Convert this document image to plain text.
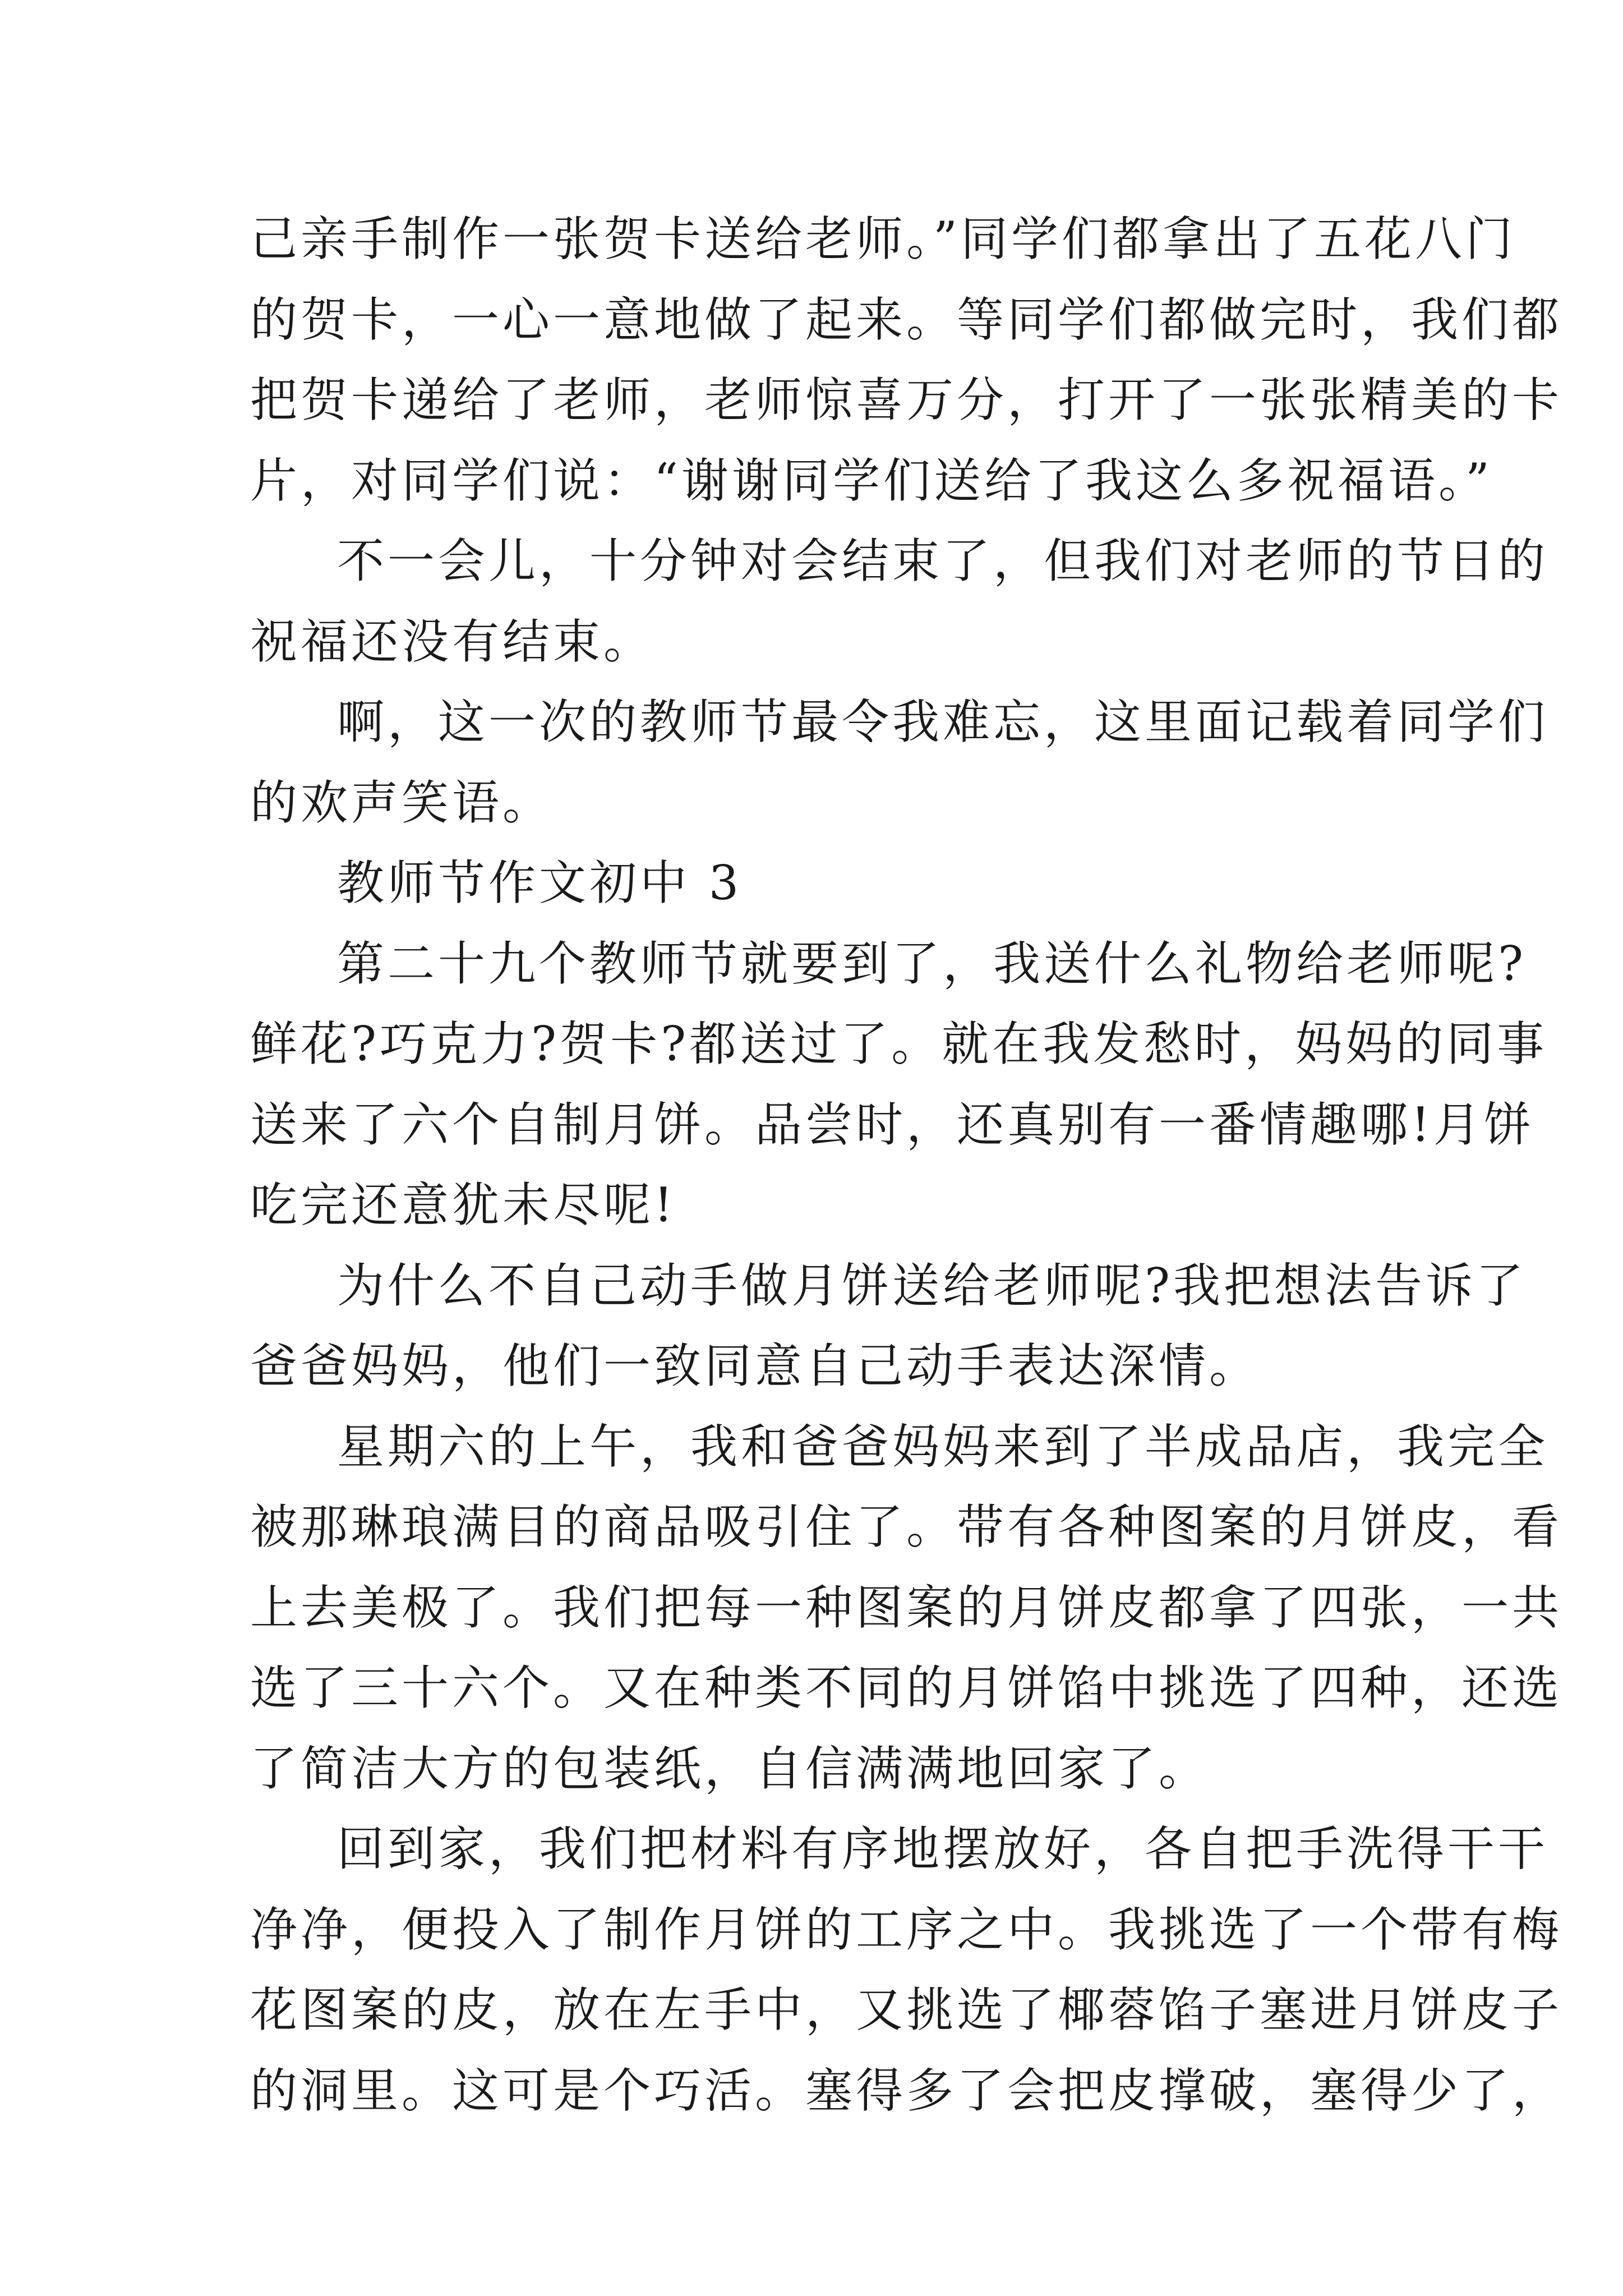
己亲手制作一张贺卡送给老师。”同学们都拿出了五花八门
的贺卡，一心一意地做了起来。等同学们都做完时，我们都
把贺卡递给了老师，老师惊喜万分，打开了一张张精美的卡
片，对同学们说：“谢谢同学们送给了我这么多祝福语。”
不一会儿，十分钟对会结束了，但我们对老师的节日的
祝福还没有结束。
啊，这一次的教师节最令我难忘，这里面记载着同学们
的欢声笑语。
教师节作文初中 3
第二十九个教师节就要到了，我送什么礼物给老师呢?
鲜花?巧克力?贺卡?都送过了。就在我发愁时，妈妈的同事
送来了六个自制月饼。品尝时，还真别有一番情趣哪!月饼
吃完还意犹未尽呢!
为什么不自己动手做月饼送给老师呢?我把想法告诉了
爸爸妈妈，他们一致同意自己动手表达深情。
星期六的上午，我和爸爸妈妈来到了半成品店，我完全
被那琳琅满目的商品吸引住了。带有各种图案的月饼皮，看
上去美极了。我们把每一种图案的月饼皮都拿了四张，一共
选了三十六个。又在种类不同的月饼馅中挑选了四种，还选
了简洁大方的包装纸，自信满满地回家了。
回到家，我们把材料有序地摆放好，各自把手洗得干干
净净，便投入了制作月饼的工序之中。我挑选了一个带有梅
花图案的皮，放在左手中，又挑选了椰蓉馅子塞进月饼皮子
的洞里。这可是个巧活。塞得多了会把皮撑破，塞得少了，
